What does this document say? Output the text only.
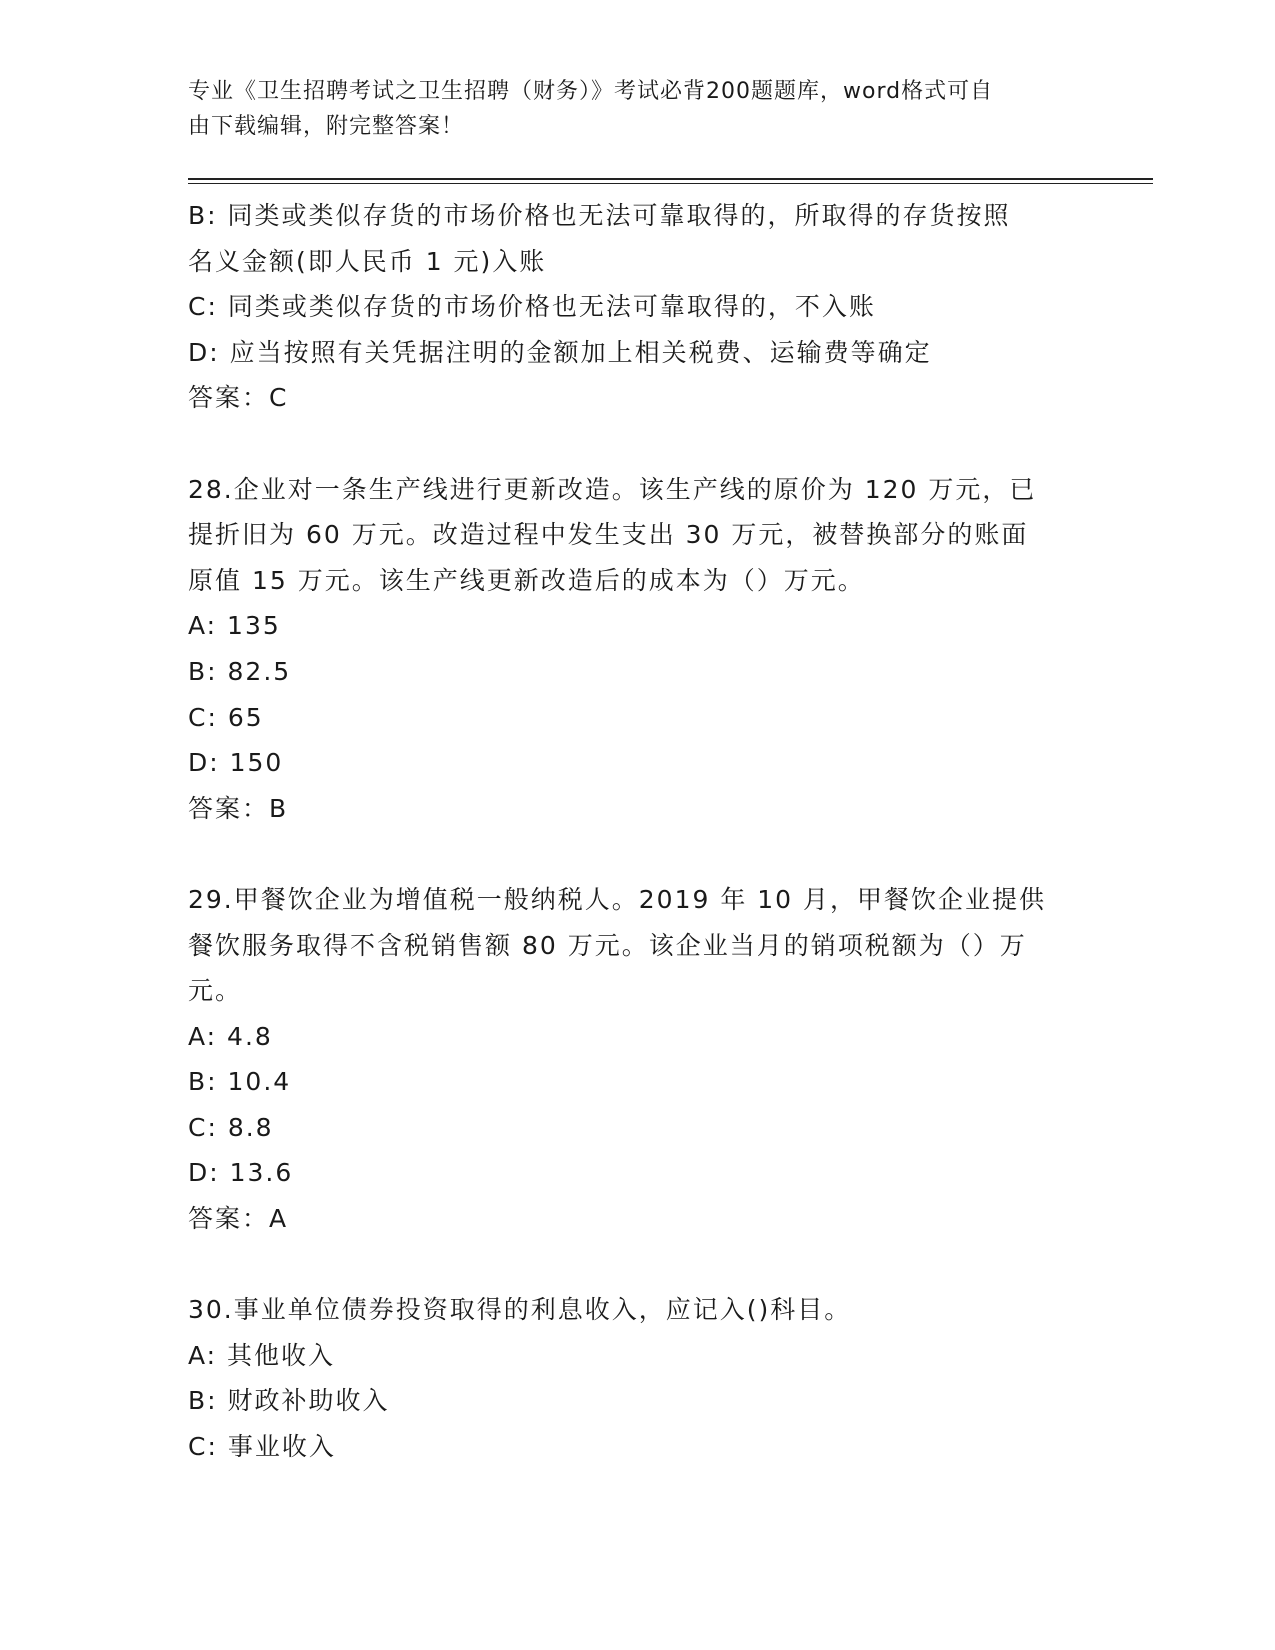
专业《卫生招聘考试之卫生招聘（财务）》考试必背200题题库，word格式可自
由下载编辑，附完整答案！
B: 同类或类似存货的市场价格也无法可靠取得的，所取得的存货按照
名义金额(即人民币 1 元)入账
C: 同类或类似存货的市场价格也无法可靠取得的，不入账
D: 应当按照有关凭据注明的金额加上相关税费、运输费等确定
答案：C
28.企业对一条生产线进行更新改造。该生产线的原价为 120 万元，已
提折旧为 60 万元。改造过程中发生支出 30 万元，被替换部分的账面
原值 15 万元。该生产线更新改造后的成本为（）万元。
A: 135
B: 82.5
C: 65
D: 150
答案：B
29.甲餐饮企业为增值税一般纳税人。2019 年 10 月，甲餐饮企业提供
餐饮服务取得不含税销售额 80 万元。该企业当月的销项税额为（）万
元。
A: 4.8
B: 10.4
C: 8.8
D: 13.6
答案：A
30.事业单位债券投资取得的利息收入，应记入()科目。
A: 其他收入
B: 财政补助收入
C: 事业收入
